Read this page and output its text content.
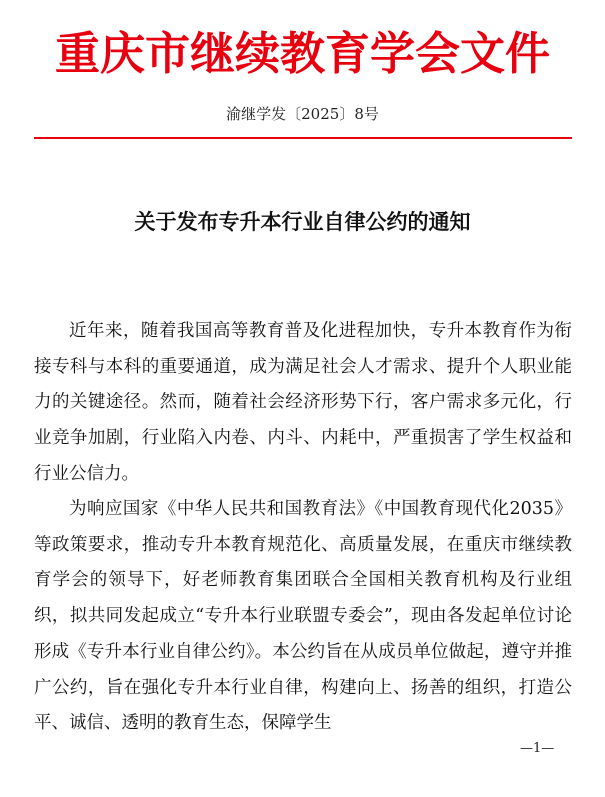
重庆市继续教育学会文件
渝继学发〔2025〕8号
关于发布专升本行业自律公约的通知

近年来，随着我国高等教育普及化进程加快，专升本教育作为衔接专科与本科的重要通道，成为满足社会人才需求、提升个人职业能力的关键途径。然而，随着社会经济形势下行，客户需求多元化，行业竞争加剧，行业陷入内卷、内斗、内耗中，严重损害了学生权益和行业公信力。

为响应国家《中华人民共和国教育法》《中国教育现代化2035》等政策要求，推动专升本教育规范化、高质量发展，在重庆市继续教育学会的领导下，好老师教育集团联合全国相关教育机构及行业组织，拟共同发起成立“专升本行业联盟专委会”，现由各发起单位讨论形成《专升本行业自律公约》。本公约旨在从成员单位做起，遵守并推广公约，旨在强化专升本行业自律，构建向上、扬善的组织，打造公平、诚信、透明的教育生态，保障学生

—1—
